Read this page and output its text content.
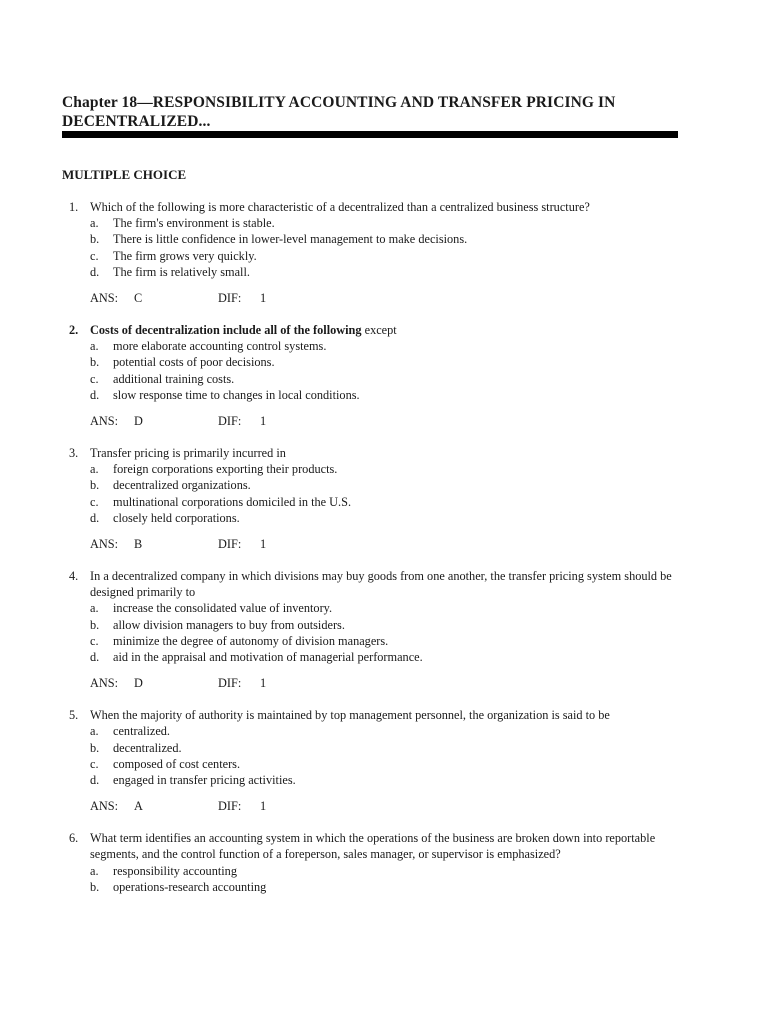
Chapter 18—RESPONSIBILITY ACCOUNTING AND TRANSFER PRICING IN
DECENTRALIZED...
MULTIPLE CHOICE
1. Which of the following is more characteristic of a decentralized than a centralized business structure?
a.	The firm's environment is stable.
b.	There is little confidence in lower-level management to make decisions.
c.	The firm grows very quickly.
d.	The firm is relatively small.
ANS:	C	DIF:	1
2. Costs of decentralization include all of the following except
a.	more elaborate accounting control systems.
b.	potential costs of poor decisions.
c.	additional training costs.
d.	slow response time to changes in local conditions.
ANS:	D	DIF:	1
3. Transfer pricing is primarily incurred in
a.	foreign corporations exporting their products.
b.	decentralized organizations.
c.	multinational corporations domiciled in the U.S.
d.	closely held corporations.
ANS:	B	DIF:	1
4. In a decentralized company in which divisions may buy goods from one another, the transfer pricing system should be designed primarily to
a.	increase the consolidated value of inventory.
b.	allow division managers to buy from outsiders.
c.	minimize the degree of autonomy of division managers.
d.	aid in the appraisal and motivation of managerial performance.
ANS:	D	DIF:	1
5. When the majority of authority is maintained by top management personnel, the organization is said to be
a.	centralized.
b.	decentralized.
c.	composed of cost centers.
d.	engaged in transfer pricing activities.
ANS:	A	DIF:	1
6. What term identifies an accounting system in which the operations of the business are broken down into reportable segments, and the control function of a foreperson, sales manager, or supervisor is emphasized?
a.	responsibility accounting
b.	operations-research accounting
